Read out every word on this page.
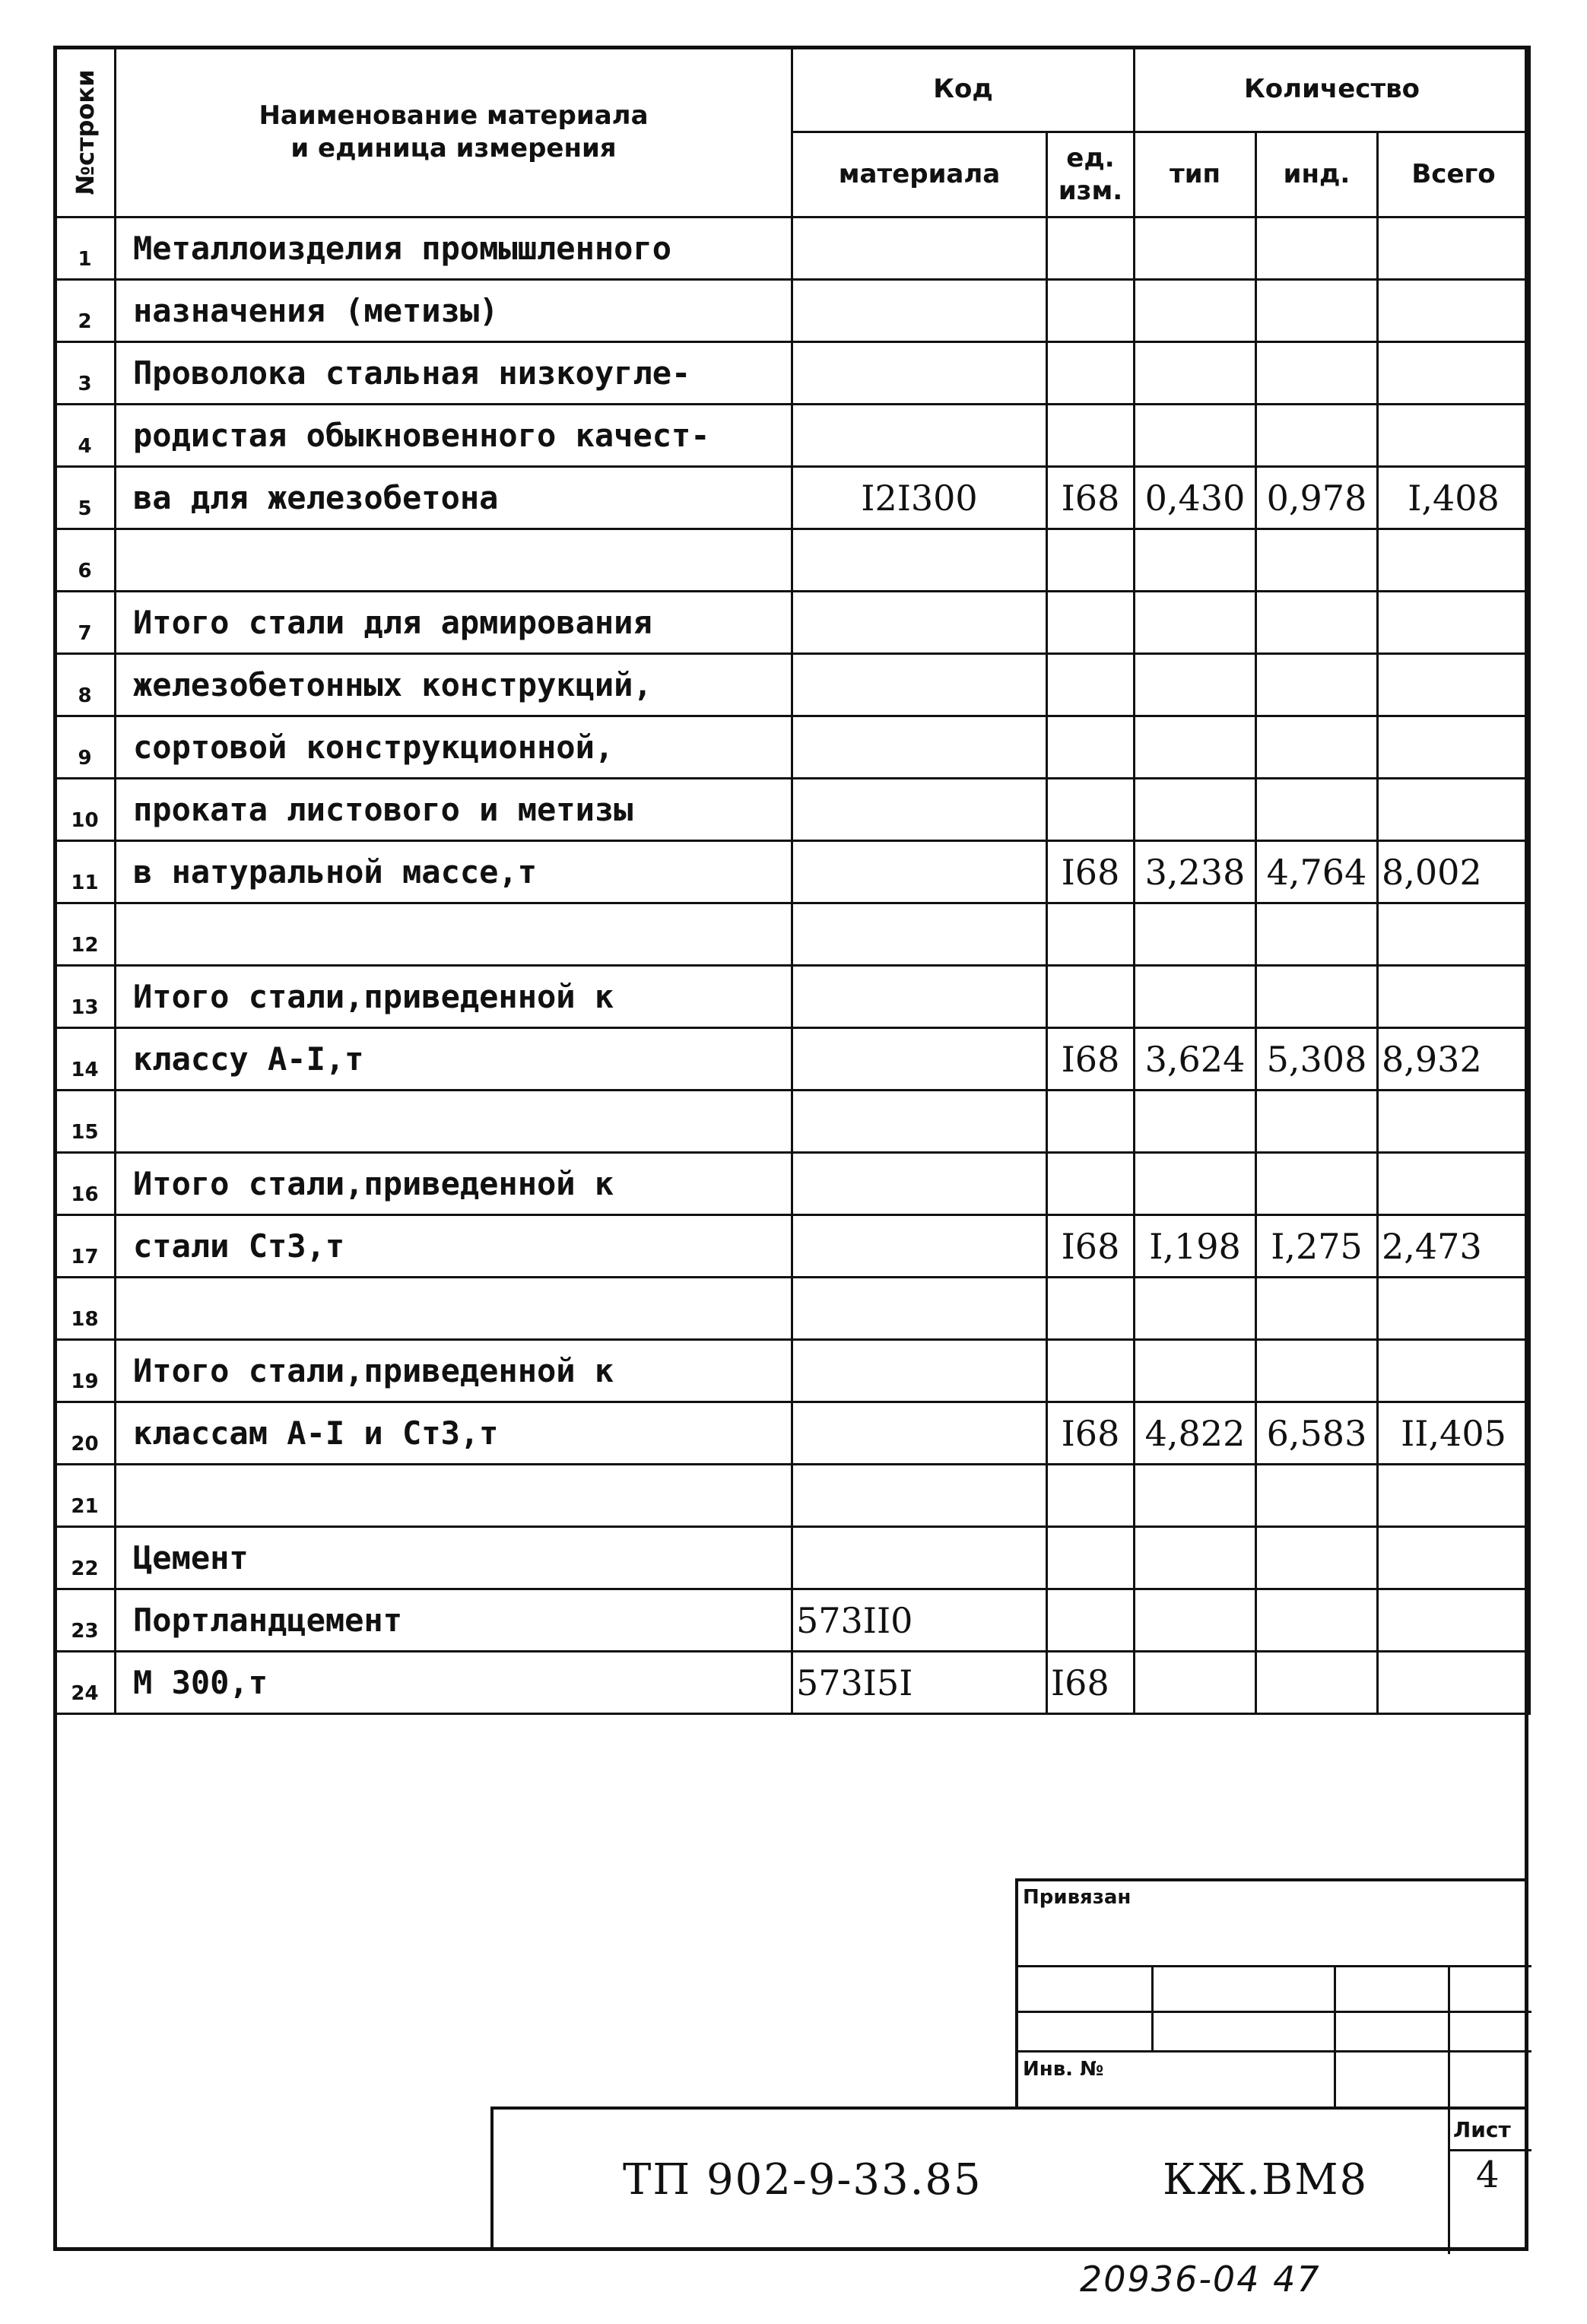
№строки	Наименование материала
и единица измерения	Код		Количество		
		материала	ед. изм.	тип	инд.	Всего
1	Металлоизделия промышленного					
2	назначения (метизы)					
3	Проволока стальная низкоугле-					
4	родистая обыкновенного качест-					
5	ва для железобетона	I2I300	I68	0,430	0,978	I,408
6						
7	Итого стали для армирования					
8	железобетонных конструкций,					
9	сортовой конструкционной,					
10	проката листового и метизы					
11	в натуральной массе,т		I68	3,238	4,764	8,002
12						
13	Итого стали,приведенной к					
14	классу А-I,т		I68	3,624	5,308	8,932
15						
16	Итого стали,приведенной к					
17	стали Ст3,т		I68	I,198	I,275	2,473
18						
19	Итого стали,приведенной к					
20	классам А-I и Ст3,т		I68	4,822	6,583	II,405
21						
22	Цемент					
23	Портландцемент	573II0				
24	М 300,т	573I5I	I68			
Привязан
Инв. №
Лист
4
ТП 902-9-33.85	КЖ.ВМ8
20936-04 47
